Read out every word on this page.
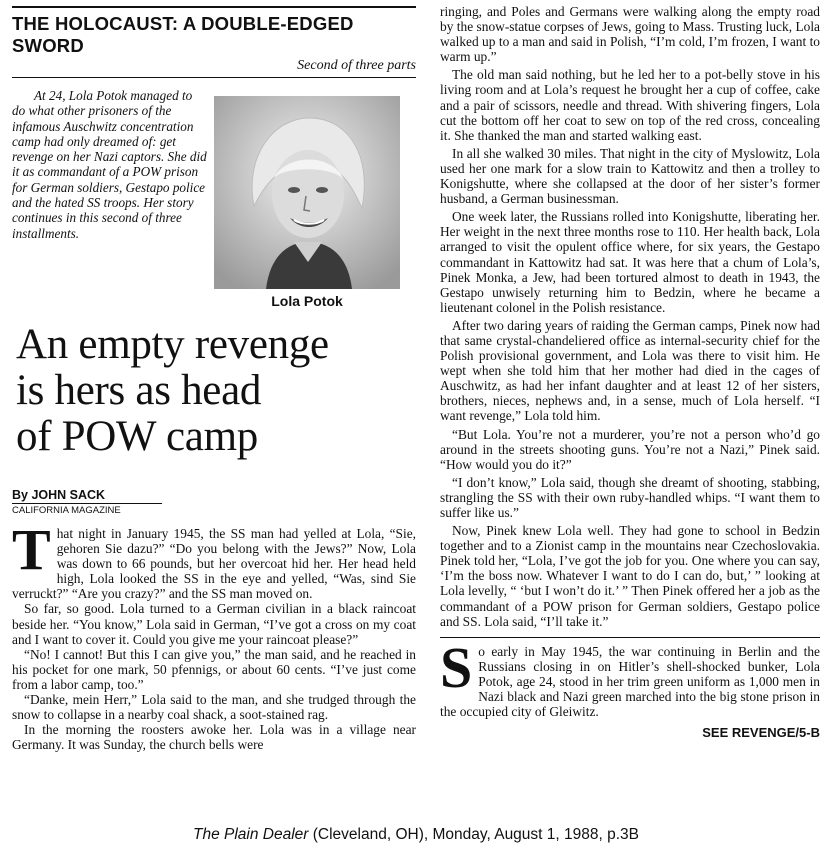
THE HOLOCAUST: A DOUBLE-EDGED SWORD
Second of three parts

At 24, Lola Potok managed to do what other prisoners of the infamous Auschwitz concentration camp had only dreamed of: get revenge on her Nazi captors. She did it as commandant of a POW prison for German soldiers, Gestapo police and the hated SS troops. Her story continues in this second of three installments.

Lola Potok
An empty revenge
is hers as head
of POW camp
By JOHN SACK
CALIFORNIA MAGAZINE

That night in January 1945, the SS man had yelled at Lola, “Sie, gehoren Sie dazu?” “Do you belong with the Jews?” Now, Lola was down to 66 pounds, but her overcoat hid her. Her head held high, Lola looked the SS in the eye and yelled, “Was, sind Sie verruckt?” “Are you crazy?” and the SS man moved on.

So far, so good. Lola turned to a German civilian in a black raincoat beside her. “You know,” Lola said in German, “I’ve got a cross on my coat and I want to cover it. Could you give me your raincoat please?”

“No! I cannot! But this I can give you,” the man said, and he reached in his pocket for one mark, 50 pfennigs, or about 60 cents. “I’ve just come from a labor camp, too.”

“Danke, mein Herr,” Lola said to the man, and she trudged through the snow to collapse in a nearby coal shack, a soot-stained rag.

In the morning the roosters awoke her. Lola was in a village near Germany. It was Sunday, the church bells were

ringing, and Poles and Germans were walking along the empty road by the snow-statue corpses of Jews, going to Mass. Trusting luck, Lola walked up to a man and said in Polish, “I’m cold, I’m frozen, I want to warm up.”

The old man said nothing, but he led her to a pot-belly stove in his living room and at Lola’s request he brought her a cup of coffee, cake and a pair of scissors, needle and thread. With shivering fingers, Lola cut the bottom off her coat to sew on top of the red cross, concealing it. She thanked the man and started walking east.

In all she walked 30 miles. That night in the city of Myslowitz, Lola used her one mark for a slow train to Kattowitz and then a trolley to Konigshutte, where she collapsed at the door of her sister’s former husband, a German businessman.

One week later, the Russians rolled into Konigshutte, liberating her. Her weight in the next three months rose to 110. Her health back, Lola arranged to visit the opulent office where, for six years, the Gestapo commandant in Kattowitz had sat. It was here that a chum of Lola’s, Pinek Monka, a Jew, had been tortured almost to death in 1943, the Gestapo unwisely returning him to Bedzin, where he became a lieutenant colonel in the Polish resistance.

After two daring years of raiding the German camps, Pinek now had that same crystal-chandeliered office as internal-security chief for the Polish provisional government, and Lola was there to visit him. He wept when she told him that her mother had died in the cages of Auschwitz, as had her infant daughter and at least 12 of her sisters, brothers, nieces, nephews and, in a sense, much of Lola herself. “I want revenge,” Lola told him.

“But Lola. You’re not a murderer, you’re not a person who’d go around in the streets shooting guns. You’re not a Nazi,” Pinek said. “How would you do it?”

“I don’t know,” Lola said, though she dreamt of shooting, stabbing, strangling the SS with their own ruby-handled whips. “I want them to suffer like us.”

Now, Pinek knew Lola well. They had gone to school in Bedzin together and to a Zionist camp in the mountains near Czechoslovakia. Pinek told her, “Lola, I’ve got the job for you. One where you can say, ‘I’m the boss now. Whatever I want to do I can do, but,’ ” looking at Lola levelly, “ ‘but I won’t do it.’ ” Then Pinek offered her a job as the commandant of a POW prison for German soldiers, Gestapo police and SS. Lola said, “I’ll take it.”

So early in May 1945, the war continuing in Berlin and the Russians closing in on Hitler’s shell-shocked bunker, Lola Potok, age 24, stood in her trim green uniform as 1,000 men in Nazi black and Nazi green marched into the big stone prison in the occupied city of Gleiwitz.

SEE REVENGE/5-B
The Plain Dealer (Cleveland, OH), Monday, August 1, 1988, p.3B
